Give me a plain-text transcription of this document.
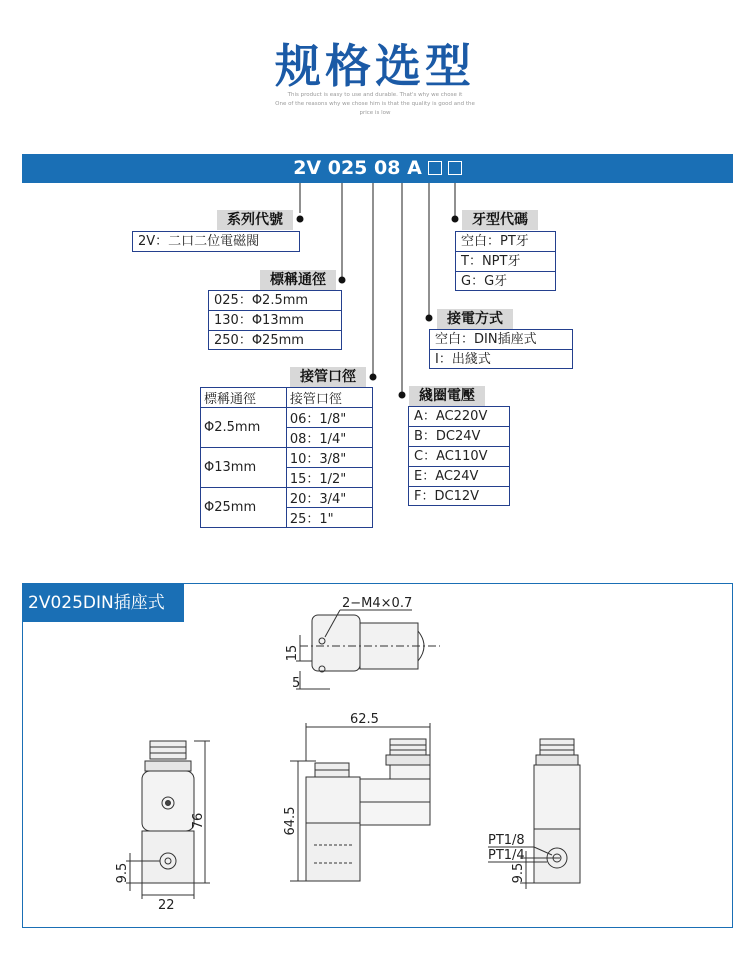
规格选型
This product is easy to use and durable. That's why we chose it
One of the reasons why we chose him is that the quality is good and the
price is low
2V 025 08 A
系列代號
2V：二口二位電磁閥
標稱通徑
025：Φ2.5mm
130：Φ13mm
250：Φ25mm
接管口徑
標稱通徑	接管口徑
Φ2.5mm	06：1/8"
	08：1/4"
Φ13mm	10：3/8"
	15：1/2"
Φ25mm	20：3/4"
	25：1"
綫圈電壓
A：AC220V
B：DC24V
C：AC110V
E：AC24V
F：DC12V
接電方式
空白：DIN插座式
I：出綫式
牙型代碼
空白：PT牙
T：NPT牙
G：G牙
2V025DIN插座式	2−M4×0.7
15
5
62.5
64.5
76
9.5
22
PT1/8
PT1/4
9.5
